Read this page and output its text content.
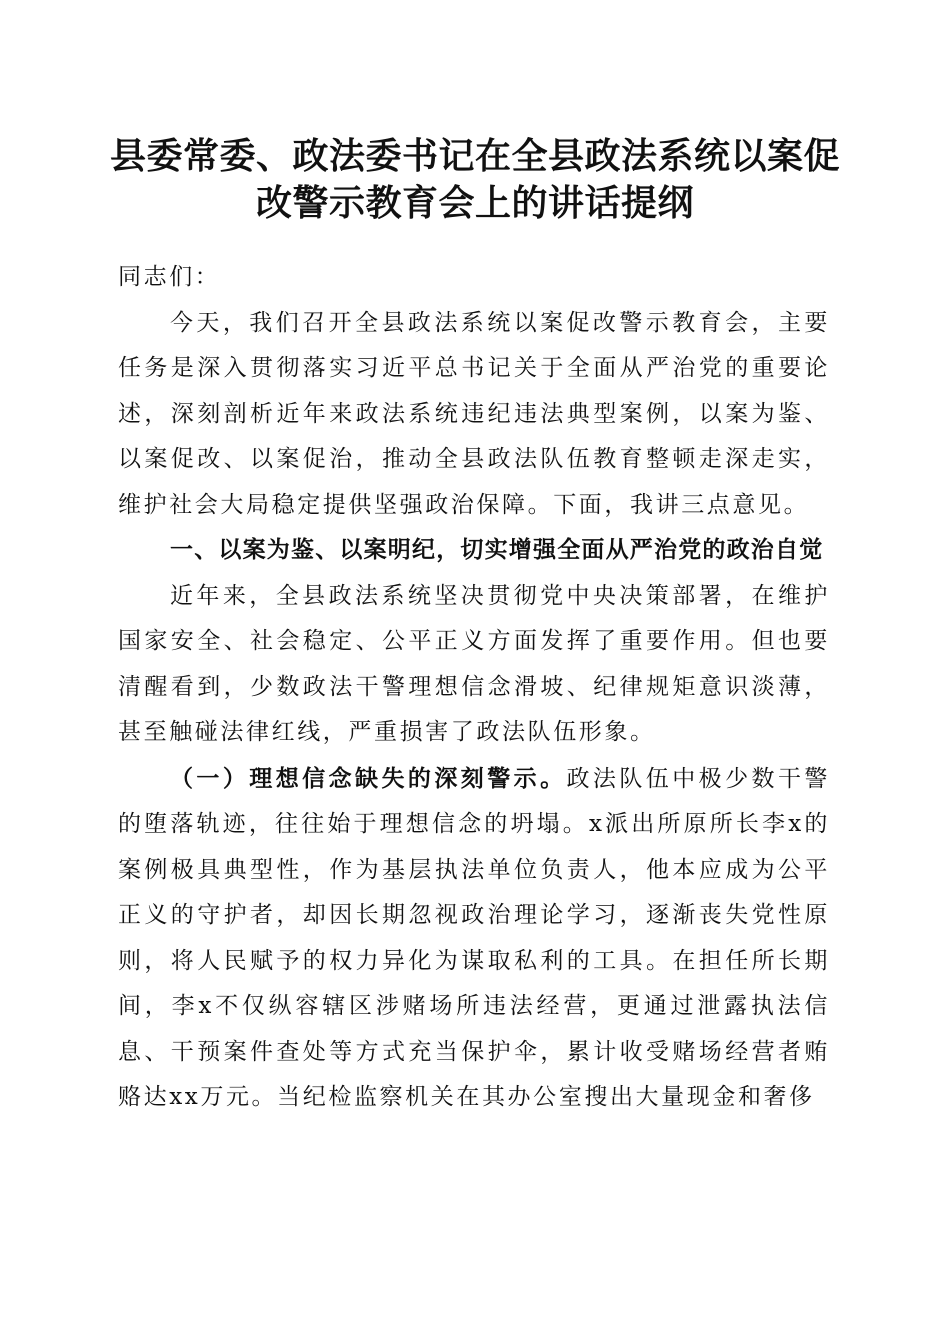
县委常委、政法委书记在全县政法系统以案促
改警示教育会上的讲话提纲

同志们：

今天，我们召开全县政法系统以案促改警示教育会，主要任务是深入贯彻落实习近平总书记关于全面从严治党的重要论述，深刻剖析近年来政法系统违纪违法典型案例，以案为鉴、以案促改、以案促治，推动全县政法队伍教育整顿走深走实，维护社会大局稳定提供坚强政治保障。下面，我讲三点意见。

一、以案为鉴、以案明纪，切实增强全面从严治党的政治自觉

近年来，全县政法系统坚决贯彻党中央决策部署，在维护国家安全、社会稳定、公平正义方面发挥了重要作用。但也要清醒看到，少数政法干警理想信念滑坡、纪律规矩意识淡薄，甚至触碰法律红线，严重损害了政法队伍形象。

（一）理想信念缺失的深刻警示。政法队伍中极少数干警的堕落轨迹，往往始于理想信念的坍塌。x派出所原所长李x的案例极具典型性，作为基层执法单位负责人，他本应成为公平正义的守护者，却因长期忽视政治理论学习，逐渐丧失党性原则，将人民赋予的权力异化为谋取私利的工具。在担任所长期间，李x不仅纵容辖区涉赌场所违法经营，更通过泄露执法信息、干预案件查处等方式充当保护伞，累计收受赌场经营者贿赂达xx万元。当纪检监察机关在其办公室搜出大量现金和奢侈
